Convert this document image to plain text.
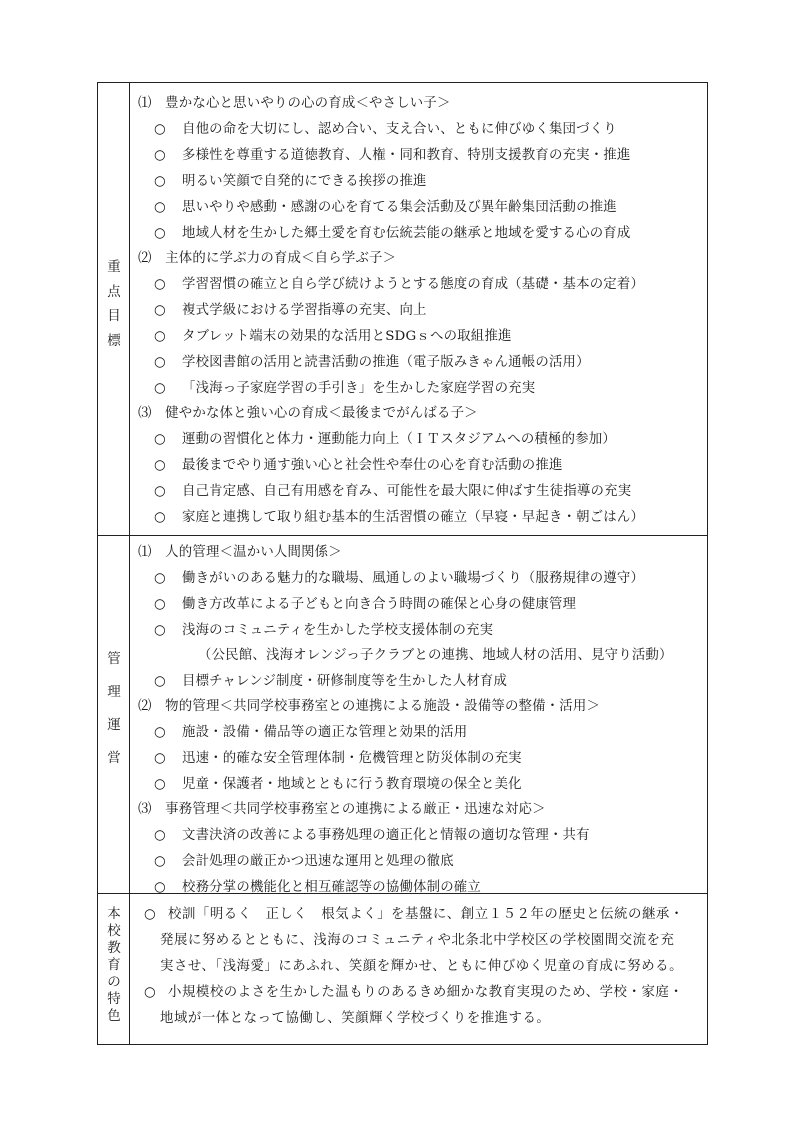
重
点
目
標
⑴　豊かな心と思いやりの心の育成＜やさしい子＞
○ 自他の命を大切にし、認め合い、支え合い、ともに伸びゆく集団づくり
○ 多様性を尊重する道徳教育、人権・同和教育、特別支援教育の充実・推進
○ 明るい笑顔で自発的にできる挨拶の推進
○ 思いやりや感動・感謝の心を育てる集会活動及び異年齢集団活動の推進
○ 地域人材を生かした郷土愛を育む伝統芸能の継承と地域を愛する心の育成
⑵　主体的に学ぶ力の育成＜自ら学ぶ子＞
○ 学習習慣の確立と自ら学び続けようとする態度の育成（基礎・基本の定着）
○ 複式学級における学習指導の充実、向上
○ タブレット端末の効果的な活用とSDGｓへの取組推進
○ 学校図書館の活用と読書活動の推進（電子版みきゃん通帳の活用）
○ 「浅海っ子家庭学習の手引き」を生かした家庭学習の充実
⑶　健やかな体と強い心の育成＜最後までがんばる子＞
○ 運動の習慣化と体力・運動能力向上（ＩＴスタジアムへの積極的参加）
○ 最後までやり通す強い心と社会性や奉仕の心を育む活動の推進
○ 自己肯定感、自己有用感を育み、可能性を最大限に伸ばす生徒指導の充実
○ 家庭と連携して取り組む基本的生活習慣の確立（早寝・早起き・朝ごはん）
管
理
運
営
⑴　人的管理＜温かい人間関係＞
○ 働きがいのある魅力的な職場、風通しのよい職場づくり（服務規律の遵守）
○ 働き方改革による子どもと向き合う時間の確保と心身の健康管理
○ 浅海のコミュニティを生かした学校支援体制の充実
（公民館、浅海オレンジっ子クラブとの連携、地域人材の活用、見守り活動）
○ 目標チャレンジ制度・研修制度等を生かした人材育成
⑵　物的管理＜共同学校事務室との連携による施設・設備等の整備・活用＞
○ 施設・設備・備品等の適正な管理と効果的活用
○ 迅速・的確な安全管理体制・危機管理と防災体制の充実
○ 児童・保護者・地域とともに行う教育環境の保全と美化
⑶　事務管理＜共同学校事務室との連携による厳正・迅速な対応＞
○ 文書決済の改善による事務処理の適正化と情報の適切な管理・共有
○ 会計処理の厳正かつ迅速な運用と処理の徹底
○ 校務分掌の機能化と相互確認等の協働体制の確立
本
校
教
育
の
特
色
○ 校訓「明るく　正しく　根気よく」を基盤に、創立１５２年の歴史と伝統の継承・
発展に努めるとともに、浅海のコミュニティや北条北中学校区の学校園間交流を充
実させ、「浅海愛」にあふれ、笑顔を輝かせ、ともに伸びゆく児童の育成に努める。
○ 小規模校のよさを生かした温もりのあるきめ細かな教育実現のため、学校・家庭・
地域が一体となって協働し、笑顔輝く学校づくりを推進する。
